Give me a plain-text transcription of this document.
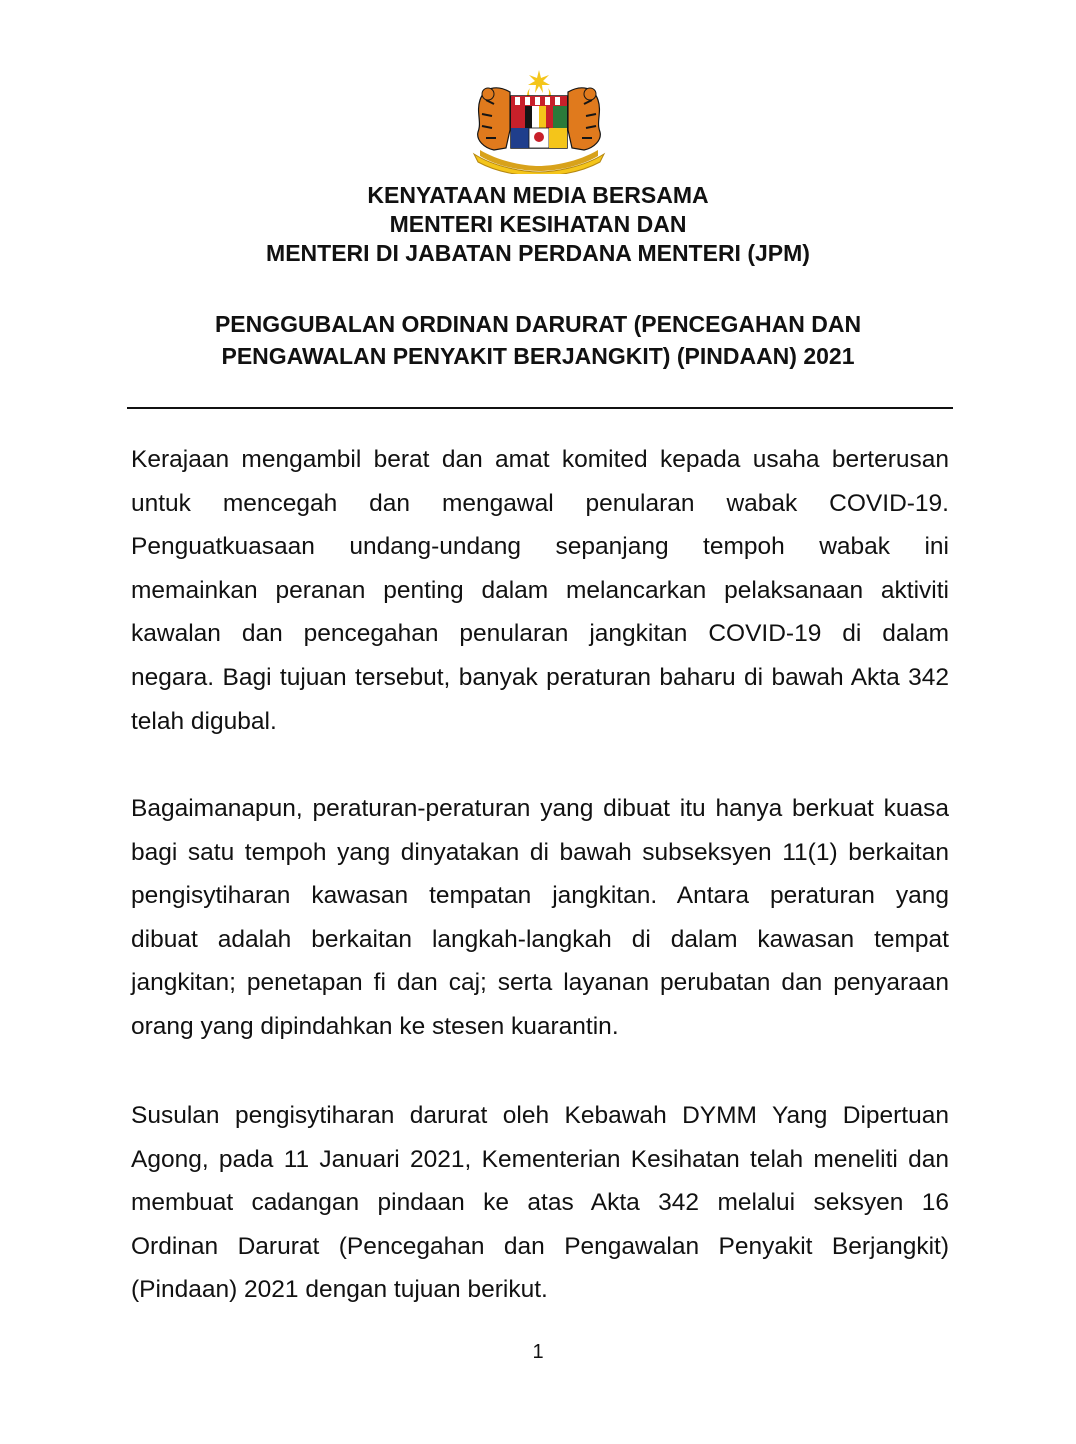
KENYATAAN MEDIA BERSAMA
MENTERI KESIHATAN DAN
MENTERI DI JABATAN PERDANA MENTERI (JPM)
PENGGUBALAN ORDINAN DARURAT (PENCEGAHAN DAN
PENGAWALAN PENYAKIT BERJANGKIT) (PINDAAN) 2021

Kerajaan mengambil berat dan amat komited kepada usaha berterusan
untuk mencegah dan mengawal penularan wabak COVID-19.
Penguatkuasaan undang-undang sepanjang tempoh wabak ini
memainkan peranan penting dalam melancarkan pelaksanaan aktiviti
kawalan dan pencegahan penularan jangkitan COVID-19 di dalam
negara. Bagi tujuan tersebut, banyak peraturan baharu di bawah Akta 342
telah digubal.

Bagaimanapun, peraturan-peraturan yang dibuat itu hanya berkuat kuasa
bagi satu tempoh yang dinyatakan di bawah subseksyen 11(1) berkaitan
pengisytiharan kawasan tempatan jangkitan. Antara peraturan yang
dibuat adalah berkaitan langkah-langkah di dalam kawasan tempat
jangkitan; penetapan fi dan caj; serta layanan perubatan dan penyaraan
orang yang dipindahkan ke stesen kuarantin.

Susulan pengisytiharan darurat oleh Kebawah DYMM Yang Dipertuan
Agong, pada 11 Januari 2021, Kementerian Kesihatan telah meneliti dan
membuat cadangan pindaan ke atas Akta 342 melalui seksyen 16
Ordinan Darurat (Pencegahan dan Pengawalan Penyakit Berjangkit)
(Pindaan) 2021 dengan tujuan berikut.

1
